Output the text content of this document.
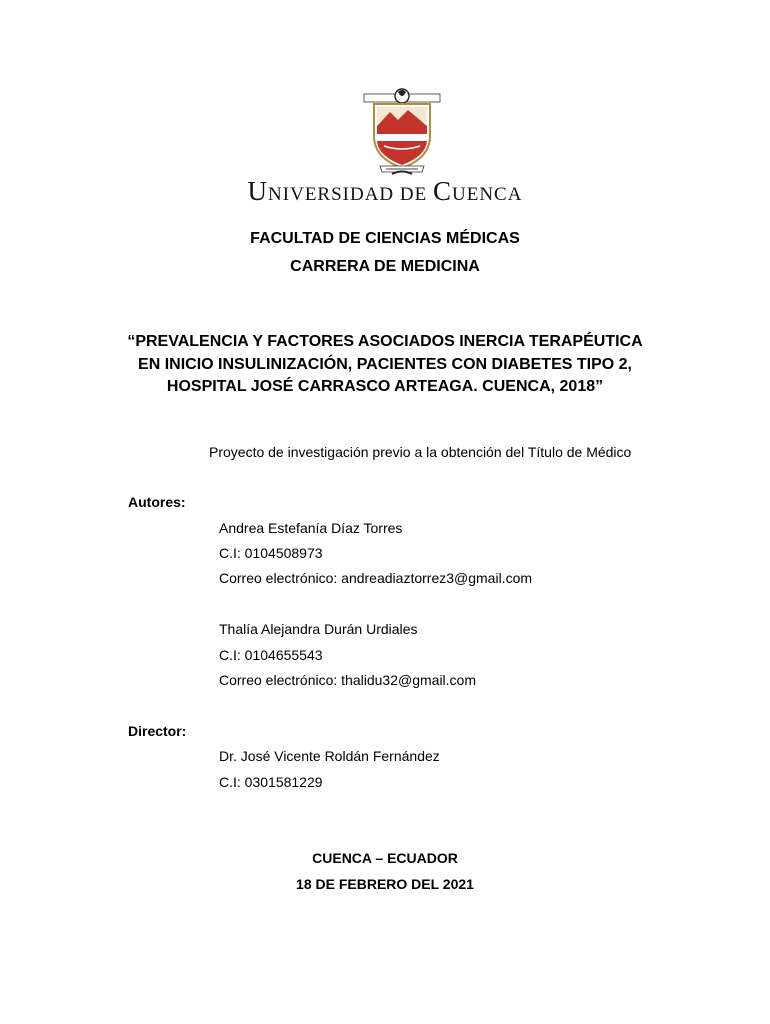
UNIVERSIDAD DE CUENCA
FACULTAD DE CIENCIAS MÉDICAS
CARRERA DE MEDICINA
“PREVALENCIA Y FACTORES ASOCIADOS INERCIA TERAPÉUTICA EN INICIO INSULINIZACIÓN, PACIENTES CON DIABETES TIPO 2, HOSPITAL JOSÉ CARRASCO ARTEAGA. CUENCA, 2018”
Proyecto de investigación previo a la obtención del Título de Médico
Autores:
Andrea Estefanía Díaz Torres
C.I: 0104508973
Correo electrónico: andreadiaztorrez3@gmail.com
Thalía Alejandra Durán Urdiales
C.I: 0104655543
Correo electrónico: thalidu32@gmail.com
Director:
Dr. José Vicente Roldán Fernández
C.I: 0301581229
CUENCA – ECUADOR
18 DE FEBRERO DEL 2021
